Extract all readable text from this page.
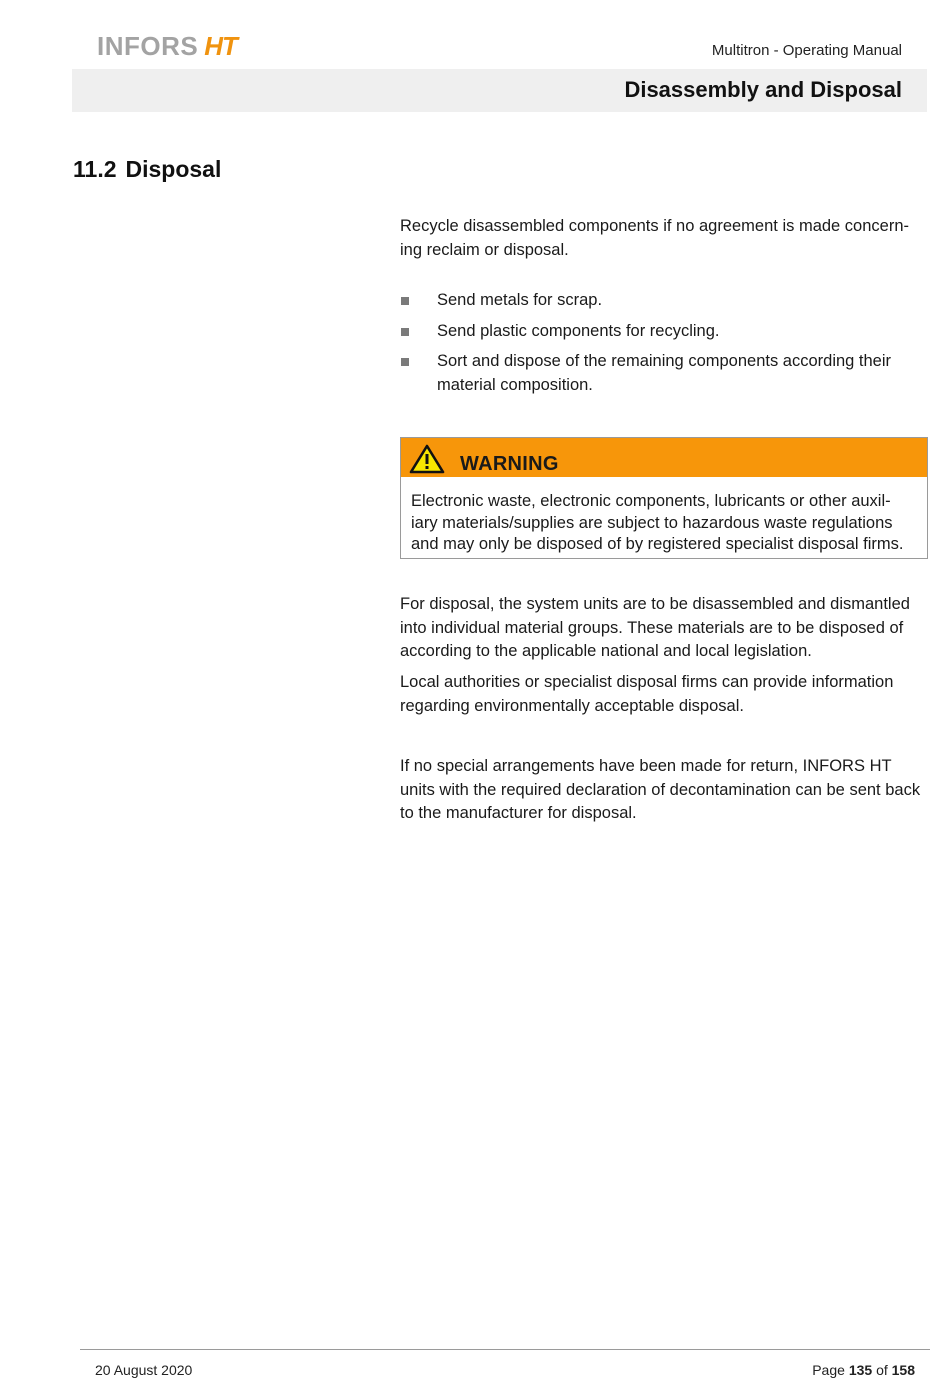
INFORS HT	Multitron - Operating Manual
Disassembly and Disposal
11.2 Disposal

Recycle disassembled components if no agreement is made concern-ing reclaim or disposal.

Send metals for scrap.
Send plastic components for recycling.
Sort and dispose of the remaining components according their material composition.
WARNING
Electronic waste, electronic components, lubricants or other auxil-iary materials/supplies are subject to hazardous waste regulations and may only be disposed of by registered specialist disposal firms.

For disposal, the system units are to be disassembled and dismantled into individual material groups. These materials are to be disposed of according to the applicable national and local legislation.

Local authorities or specialist disposal firms can provide information regarding environmentally acceptable disposal.

If no special arrangements have been made for return, INFORS HT units with the required declaration of decontamination can be sent back to the manufacturer for disposal.

20 August 2020	Page 135 of 158
